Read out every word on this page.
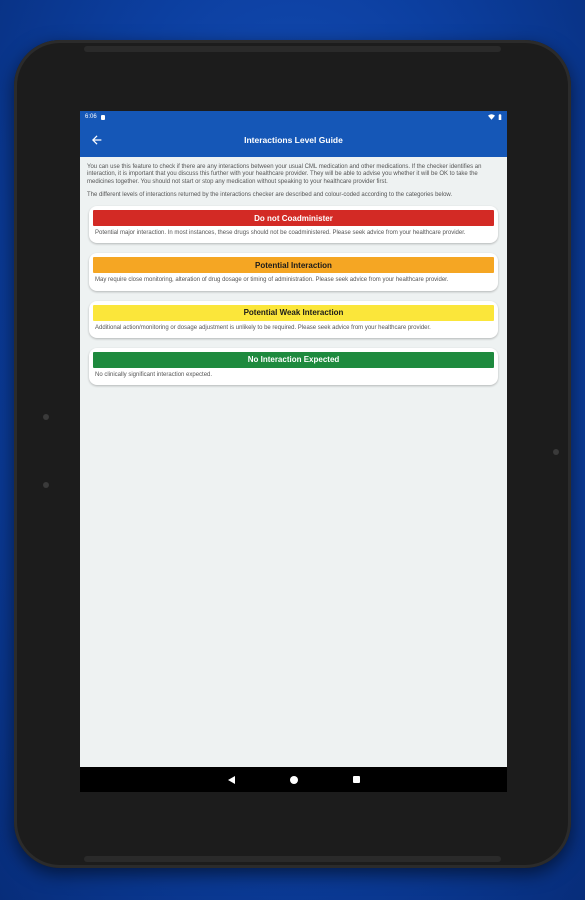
6:06
Interactions Level Guide

You can use this feature to check if there are any interactions between your usual CML medication and other medications. If the checker identifies an interaction, it is important that you discuss this further with your healthcare provider. They will be able to advise you whether it will be OK to take the medicines together. You should not start or stop any medication without speaking to your healthcare provider first.

The different levels of interactions returned by the interactions checker are described and colour-coded according to the categories below.

Do not Coadminister
Potential major interaction. In most instances, these drugs should not be coadministered. Please seek advice from your healthcare provider.
Potential Interaction
May require close monitoring, alteration of drug dosage or timing of administration. Please seek advice from your healthcare provider.
Potential Weak Interaction
Additional action/monitoring or dosage adjustment is unlikely to be required. Please seek advice from your healthcare provider.
No Interaction Expected
No clinically significant interaction expected.
